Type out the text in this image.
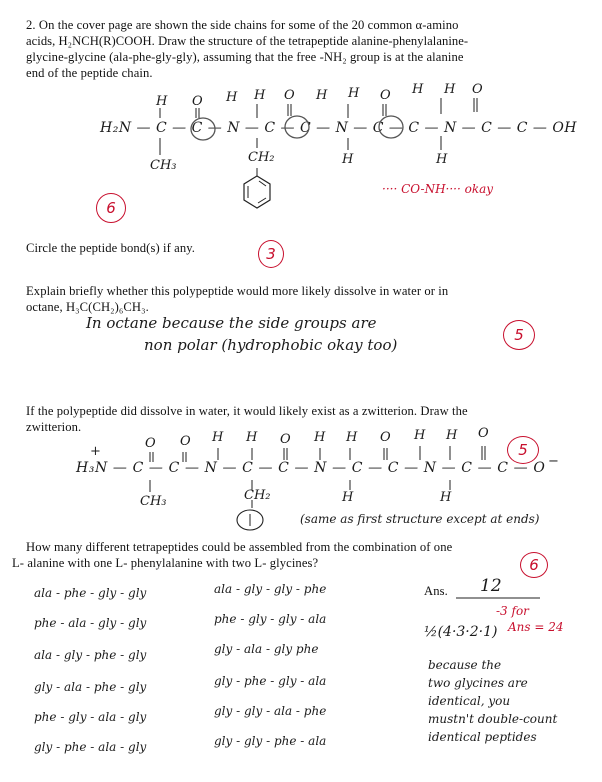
2. On the cover page are shown the side chains for some of the 20 common α-amino
acids, H₂NCH(R)COOH. Draw the structure of the tetrapeptide alanine-phenylalanine-
glycine-glycine (ala-phe-gly-gly), assuming that the free -NH₂ group is at the alanine
end of the peptide chain.
H O H H O H H O H H O
H₂N — C — C — N — C — C — N — C — C — N — C — C — OH
CH₃
CH₂	H	H
···· CO-NH···· okay
6
Circle the peptide bond(s) if any.	3
Explain briefly whether this polypeptide would more likely dissolve in water or in
octane, H₃C(CH₂)₆CH₃.
In octane because the side groups are
non polar (hydrophobic okay too)
5
If the polypeptide did dissolve in water, it would likely exist as a zwitterion. Draw the
zwitterion.
5
O O H H O H H O H H O
+
−
H₃N — C — C — N — C — C — N — C — C — N — C — C — O
CH₃	CH₂	H	H
(same as first structure except at ends)
How many different tetrapeptides could be assembled from the combination of one
L- alanine with one L- phenylalanine with two L- glycines?	6
Ans. 12
-3 for
Ans = 24
½(4·3·2·1)
because the
two glycines are
identical, you
mustn't double-count
identical peptides
ala - phe - gly - gly
phe - ala - gly - gly
ala - gly - phe - gly
gly - ala - phe - gly
phe - gly - ala - gly
gly - phe - ala - gly
ala - gly - gly - phe
phe - gly - gly - ala
gly - ala - gly phe
gly - phe - gly - ala
gly - gly - ala - phe
gly - gly - phe - ala
